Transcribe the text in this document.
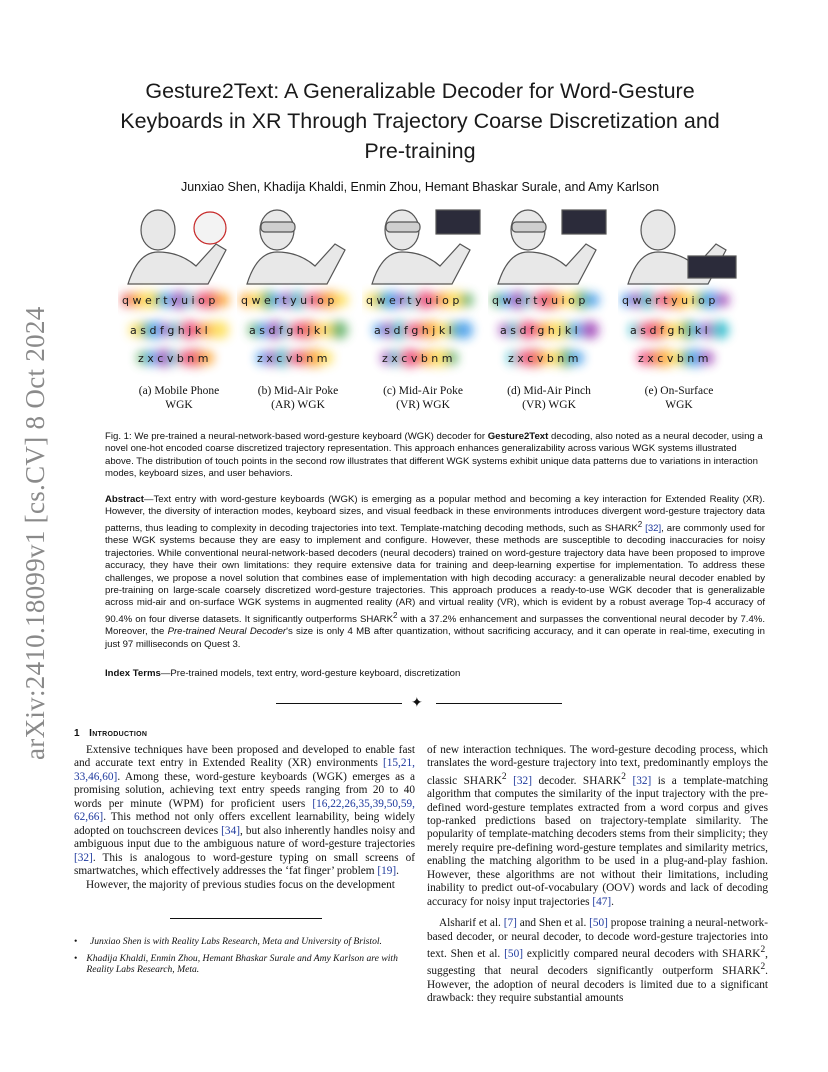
arXiv:2410.18099v1 [cs.CV] 8 Oct 2024
Gesture2Text: A Generalizable Decoder for Word-Gesture
Keyboards in XR Through Trajectory Coarse Discretization and
Pre-training
Junxiao Shen, Khadija Khaldi, Enmin Zhou, Hemant Bhaskar Surale, and Amy Karlson
q w e r t y u i o p
a s d f g h j k l
z x c v b n m
(a) Mobile Phone
WGK
q w e r t y u i o p
a s d f g h j k l
z x c v b n m
(b) Mid-Air Poke
(AR) WGK
q w e r t y u i o p
a s d f g h j k l
z x c v b n m
(c) Mid-Air Poke
(VR) WGK
q w e r t y u i o p
a s d f g h j k l
z x c v b n m
(d) Mid-Air Pinch
(VR) WGK
q w e r t y u i o p
a s d f g h j k l
z x c v b n m
(e) On-Surface
WGK
Fig. 1: We pre-trained a neural-network-based word-gesture keyboard (WGK) decoder for Gesture2Text decoding, also noted as a neural decoder, using a novel one-hot encoded coarse discretized trajectory representation. This approach enhances generalizability across various WGK systems illustrated above. The distribution of touch points in the second row illustrates that different WGK systems exhibit unique data patterns due to variations in interaction modes, keyboard sizes, and user behaviors.
Abstract—Text entry with word-gesture keyboards (WGK) is emerging as a popular method and becoming a key interaction for Extended Reality (XR). However, the diversity of interaction modes, keyboard sizes, and visual feedback in these environments introduces divergent word-gesture trajectory data patterns, thus leading to complexity in decoding trajectories into text. Template-matching decoding methods, such as SHARK$^2$ [32], are commonly used for these WGK systems because they are easy to implement and configure. However, these methods are susceptible to decoding inaccuracies for noisy trajectories. While conventional neural-network-based decoders (neural decoders) trained on word-gesture trajectory data have been proposed to improve accuracy, they have their own limitations: they require extensive data for training and deep-learning expertise for implementation. To address these challenges, we propose a novel solution that combines ease of implementation with high decoding accuracy: a generalizable neural decoder enabled by pre-training on large-scale coarsely discretized word-gesture trajectories. This approach produces a ready-to-use WGK decoder that is generalizable across mid-air and on-surface WGK systems in augmented reality (AR) and virtual reality (VR), which is evident by a robust average Top-4 accuracy of 90.4% on four diverse datasets. It significantly outperforms SHARK$^2$ with a 37.2% enhancement and surpasses the conventional neural decoder by 7.4%. Moreover, the Pre-trained Neural Decoder's size is only 4 MB after quantization, without sacrificing accuracy, and it can operate in real-time, executing in just 97 milliseconds on Quest 3.
Index Terms—Pre-trained models, text entry, word-gesture keyboard, discretization
✦
1 Introduction

Extensive techniques have been proposed and developed to enable fast and accurate text entry in Extended Reality (XR) environments [15,21, 33,46,60]. Among these, word-gesture keyboards (WGK) emerges as a promising solution, achieving text entry speeds ranging from 20 to 40 words per minute (WPM) for proficient users [16,22,26,35,39,50,59, 62,66]. This method not only offers excellent learnability, being widely adopted on touchscreen devices [34], but also inherently handles noisy and ambiguous input due to the ambiguous nature of word-gesture trajectories [32]. This is analogous to word-gesture typing on small screens of smartwatches, which effectively addresses the ‘fat finger’ problem [19].

However, the majority of previous studies focus on the development

•	Junxiao Shen is with Reality Labs Research, Meta and University of Bristol.
• Khadija Khaldi, Enmin Zhou, Hemant Bhaskar Surale and Amy Karlson are with Reality Labs Research, Meta.

of new interaction techniques. The word-gesture decoding process, which translates the word-gesture trajectory into text, predominantly employs the classic SHARK$^2$ [32] decoder. SHARK$^2$ [32] is a template-matching algorithm that computes the similarity of the input trajectory with the pre-defined word-gesture templates extracted from a word corpus and gives top-ranked predictions based on trajectory-template similarity. The popularity of template-matching decoders stems from their simplicity; they merely require pre-defining word-gesture templates and similarity metrics, enabling the matching algorithm to be used in a plug-and-play fashion. However, these algorithms are not without their limitations, including inability to predict out-of-vocabulary (OOV) words and lack of decoding accuracy for noisy input trajectories [47].

Alsharif et al. [7] and Shen et al. [50] propose training a neural-network-based decoder, or neural decoder, to decode word-gesture trajectories into text. Shen et al. [50] explicitly compared neural decoders with SHARK$^2$, suggesting that neural decoders significantly outperform SHARK$^2$. However, the adoption of neural decoders is limited due to a significant drawback: they require substantial amounts
